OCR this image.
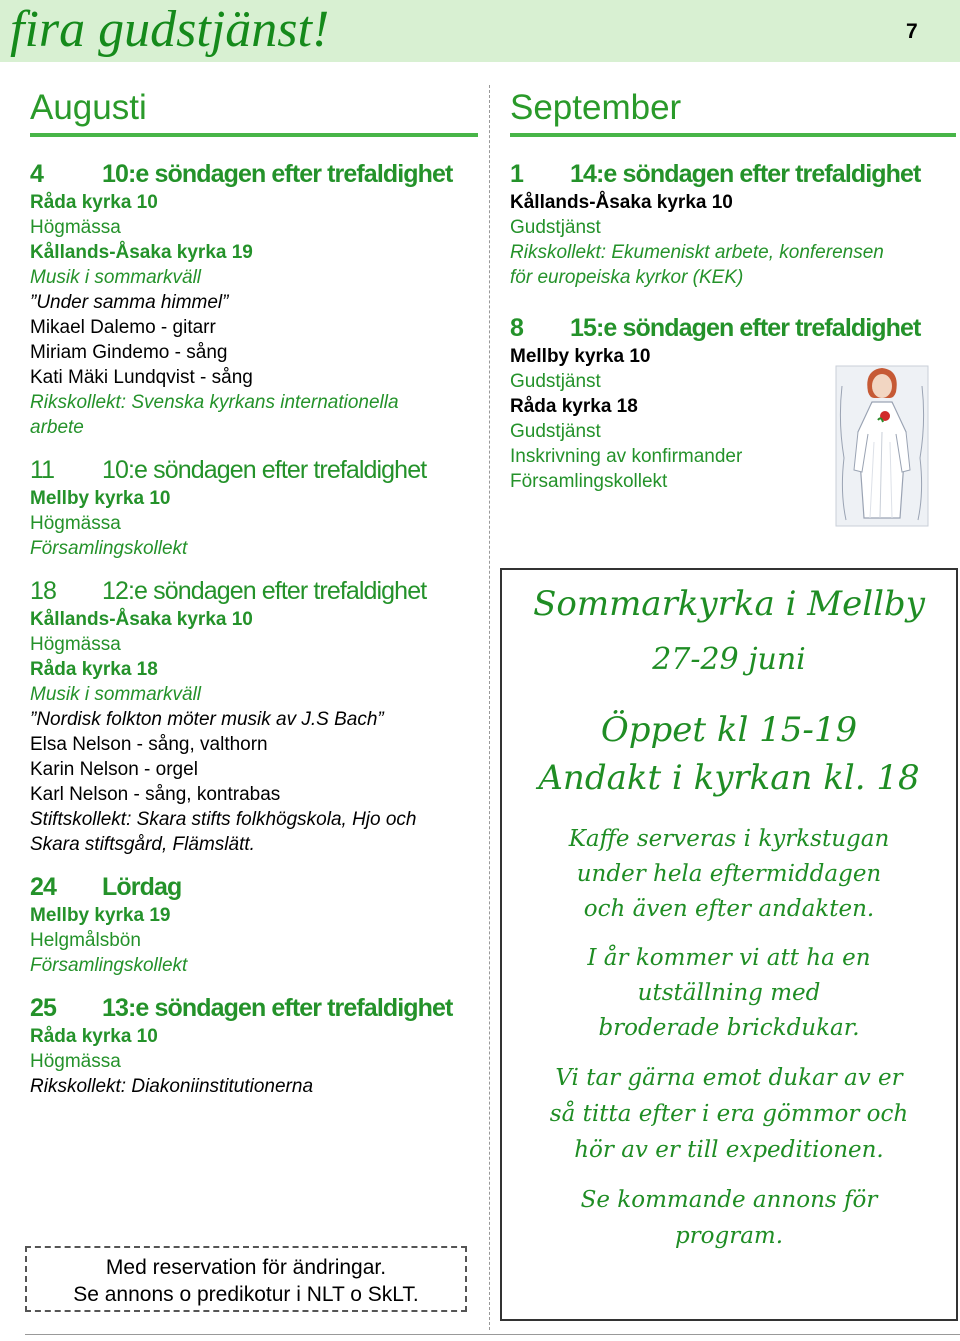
fira gudstjänst!	7
Augusti	September
4 10:e söndagen efter trefaldighet
Råda kyrka 10
Högmässa
Kållands-Åsaka kyrka 19
Musik i sommarkväll
”Under samma himmel”
Mikael Dalemo - gitarr
Miriam Gindemo - sång
Kati Mäki Lundqvist - sång
Rikskollekt: Svenska kyrkans internationella
arbete
11 10:e söndagen efter trefaldighet
Mellby kyrka 10
Högmässa
Församlingskollekt
18 12:e söndagen efter trefaldighet
Kållands-Åsaka kyrka 10
Högmässa
Råda kyrka 18
Musik i sommarkväll
”Nordisk folkton möter musik av J.S Bach”
Elsa Nelson - sång, valthorn
Karin Nelson - orgel
Karl Nelson - sång, kontrabas
Stiftskollekt: Skara stifts folkhögskola, Hjo och
Skara stiftsgård, Flämslätt.
24 Lördag
Mellby kyrka 19
Helgmålsbön
Församlingskollekt
25 13:e söndagen efter trefaldighet
Råda kyrka 10
Högmässa
Rikskollekt: Diakoniinstitutionerna
1 14:e söndagen efter trefaldighet
Kållands-Åsaka kyrka 10
Gudstjänst
Rikskollekt: Ekumeniskt arbete, konferensen
för europeiska kyrkor (KEK)
8 15:e söndagen efter trefaldighet
Mellby kyrka 10
Gudstjänst
Råda kyrka 18
Gudstjänst
Inskrivning av konfirmander
Församlingskollekt
Sommarkyrka i Mellby
27-29 juni
Öppet kl 15-19
Andakt i kyrkan kl. 18
Kaffe serveras i kyrkstugan
under hela eftermiddagen
och även efter andakten.
I år kommer vi att ha en
utställning med
broderade brickdukar.
Vi tar gärna emot dukar av er
så titta efter i era gömmor och
hör av er till expeditionen.
Se kommande annons för
program.
Med reservation för ändringar.
Se annons o predikotur i NLT o SkLT.
